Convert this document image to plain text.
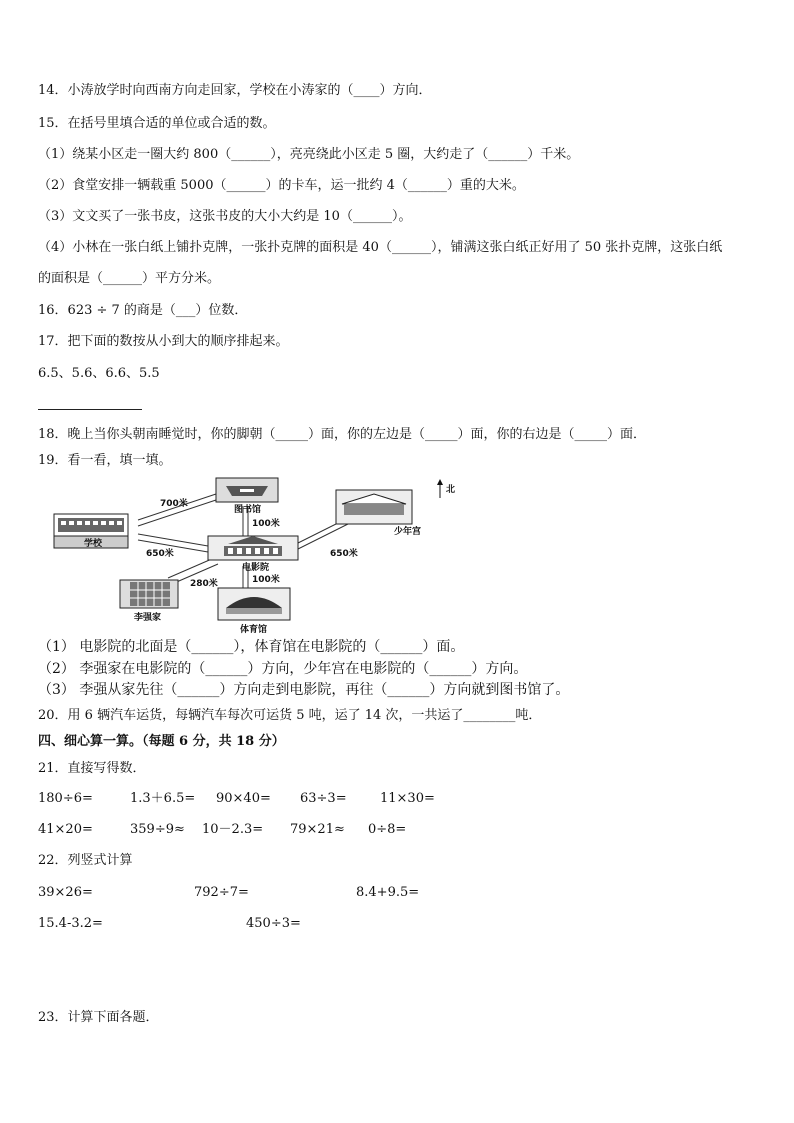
14．小涛放学时向西南方向走回家，学校在小涛家的（____）方向．
15．在括号里填合适的单位或合适的数。
（1）绕某小区走一圈大约 800（______），亮亮绕此小区走 5 圈，大约走了（______）千米。
（2）食堂安排一辆载重 5000（______）的卡车，运一批约 4（______）重的大米。
（3）文文买了一张书皮，这张书皮的大小大约是 10（______）。
（4）小林在一张白纸上铺扑克牌，一张扑克牌的面积是 40（______），铺满这张白纸正好用了 50 张扑克牌，这张白纸
的面积是（______）平方分米。
16．623 ÷ 7 的商是（___）位数．
17．把下面的数按从小到大的顺序排起来。
6.5、5.6、6.6、5.5
18．晚上当你头朝南睡觉时，你的脚朝（_____）面，你的左边是（_____）面，你的右边是（_____）面．
19．看一看，填一填。
北
学校
图书馆
少年宫
电影院
李强家
体育馆
700米
100米
650米	650米
280米	100米
（1） 电影院的北面是（______），体育馆在电影院的（______）面。
（2） 李强家在电影院的（______）方向，少年宫在电影院的（______）方向。
（3） 李强从家先往（______）方向走到电影院，再往（______）方向就到图书馆了。
20．用 6 辆汽车运货，每辆汽车每次可运货 5 吨，运了 14 次，一共运了________吨．
四、细心算一算。（每题 6 分，共 18 分）
21．直接写得数．
180÷6=	1.3＋6.5= 90×40= 63÷3=	11×30=
41×20=	359÷9≈ 10－2.3= 79×21≈ 0÷8=
22．列竖式计算
39×26=	792÷7=	8.4+9.5=
15.4-3.2=	450÷3=
23．计算下面各题．
